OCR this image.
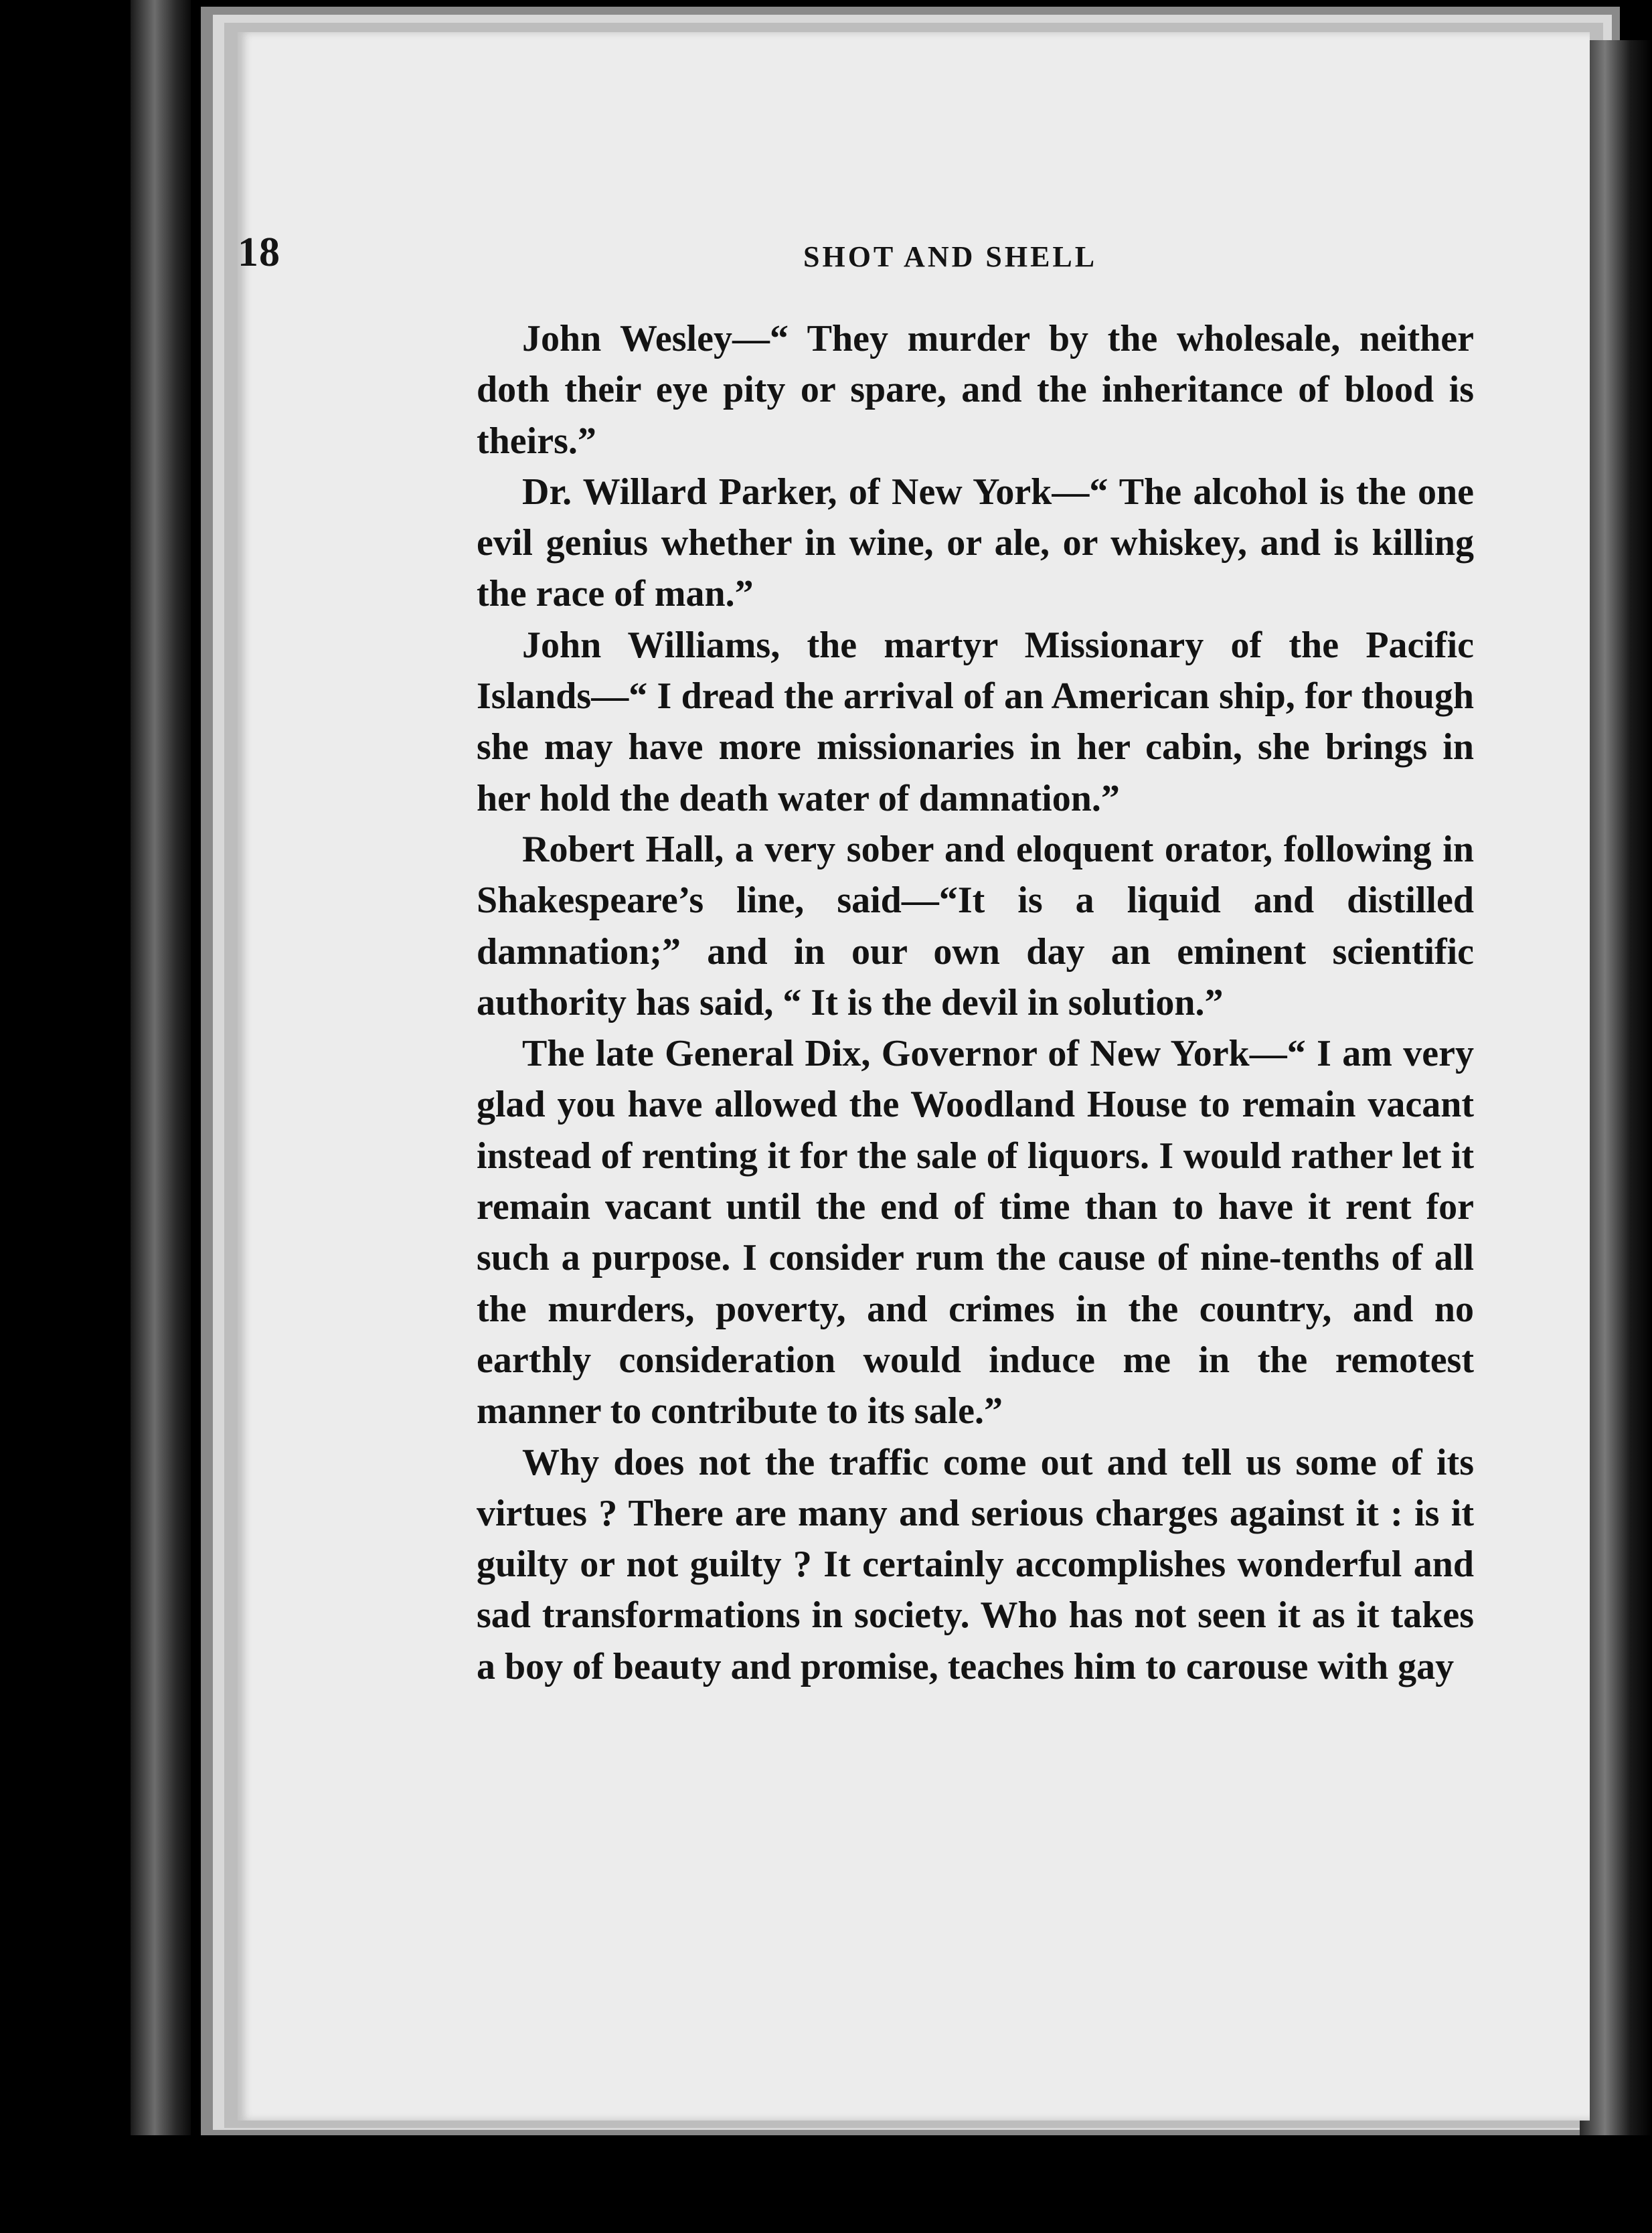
18	SHOT AND SHELL

John Wesley—“ They murder by the wholesale, neither doth their eye pity or spare, and the inheritance of blood is theirs.”

Dr. Willard Parker, of New York—“ The alcohol is the one evil genius whether in wine, or ale, or whiskey, and is killing the race of man.”

John Williams, the martyr Missionary of the Pacific Islands—“ I dread the arrival of an American ship, for though she may have more missionaries in her cabin, she brings in her hold the death water of damnation.”

Robert Hall, a very sober and eloquent orator, following in Shakespeare’s line, said—“It is a liquid and distilled damnation;” and in our own day an eminent scientific authority has said, “ It is the devil in solution.”

The late General Dix, Governor of New York—“ I am very glad you have allowed the Woodland House to remain vacant instead of renting it for the sale of liquors. I would rather let it remain vacant until the end of time than to have it rent for such a purpose. I consider rum the cause of nine-tenths of all the murders, poverty, and crimes in the country, and no earthly consideration would induce me in the remotest manner to contribute to its sale.”

Why does not the traffic come out and tell us some of its virtues ? There are many and serious charges against it : is it guilty or not guilty ? It certainly accomplishes wonderful and sad transformations in society. Who has not seen it as it takes a boy of beauty and promise, teaches him to carouse with gay
